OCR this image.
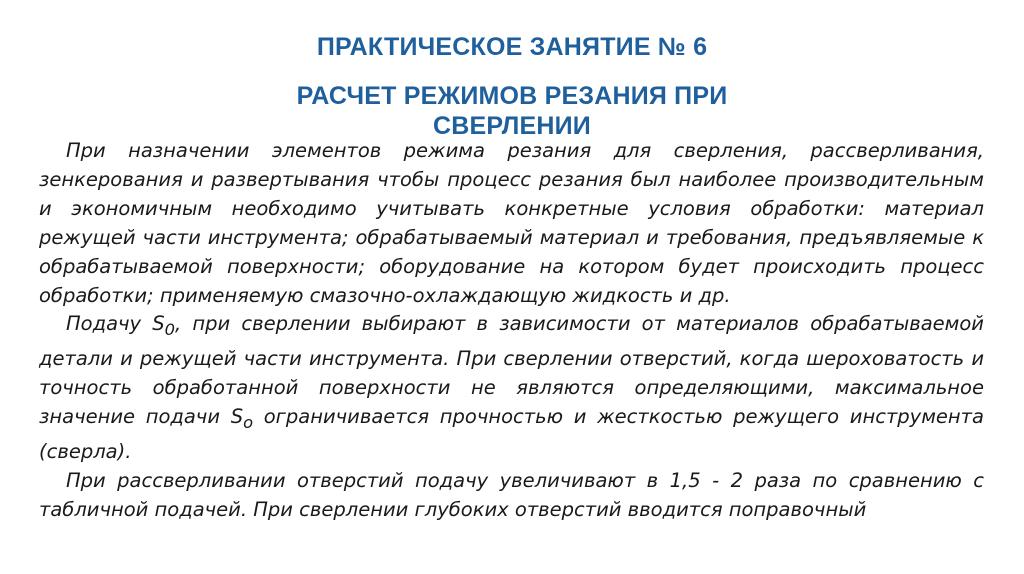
ПРАКТИЧЕСКОЕ ЗАНЯТИЕ № 6
РАСЧЕТ РЕЖИМОВ РЕЗАНИЯ ПРИ
СВЕРЛЕНИИ

При назначении элементов режима резания для сверления, рассверливания, зенкерования и развертывания чтобы процесс резания был наиболее производительным и экономичным необходимо учитывать конкретные условия обработки: материал режущей части инструмента; обрабатываемый материал и требования, предъявляемые к обрабатываемой поверхности; оборудование на котором будет происходить процесс обработки; применяемую смазочно-охлаждающую жидкость и др.

Подачу $S_0$, при сверлении выбирают в зависимости от материалов обрабатываемой детали и режущей части инструмента. При сверлении отверстий, когда шероховатость и точность обработанной поверхности не являются определяющими, максимальное значение подачи $S_о$ ограничивается прочностью и жесткостью режущего инструмента (сверла).

При рассверливании отверстий подачу увеличивают в 1,5 - 2 раза по сравнению с табличной подачей. При сверлении глубоких отверстий вводится поправочный
